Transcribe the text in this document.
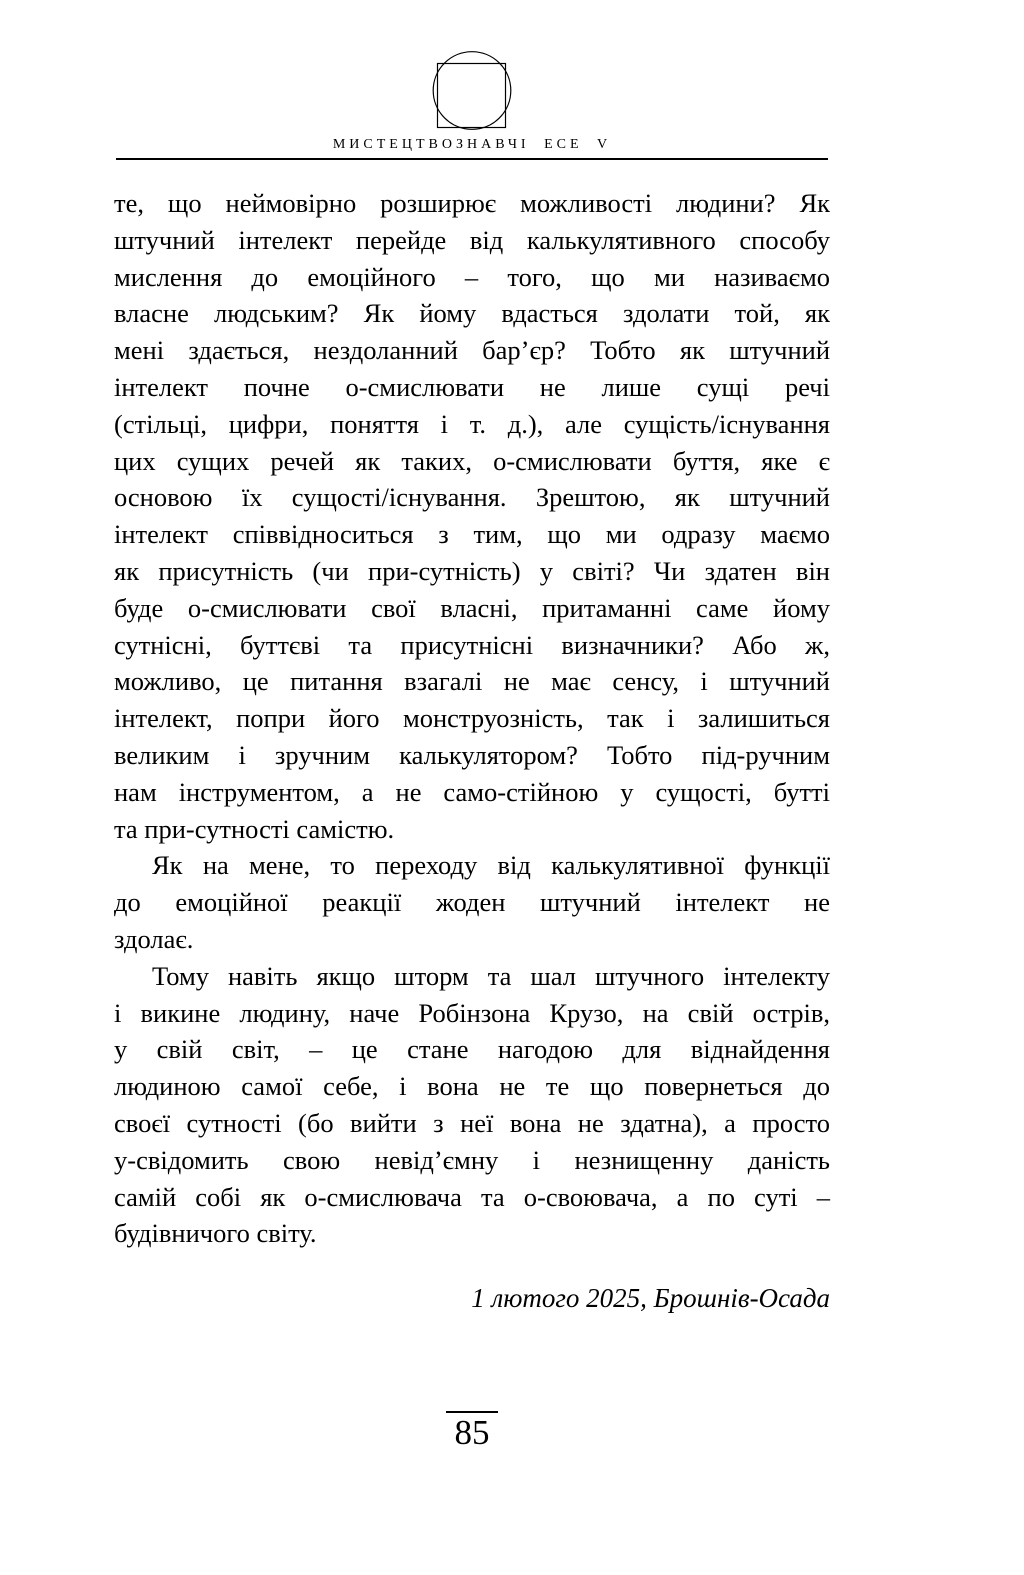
МИСТЕЦТВОЗНАВЧІ ЕСЕ V
те, що неймовірно розширює можливості людини? Як
штучний інтелект перейде від калькулятивного способу
мислення до емоційного – того, що ми називаємо
власне людським? Як йому вдасться здолати той, як
мені здається, нездоланний бар’єр? Тобто як штучний
інтелект почне о-смислювати не лише сущі речі
(стільці, цифри, поняття і т. д.), але сущість/існування
цих сущих речей як таких, о-смислювати буття, яке є
основою їх сущості/існування. Зрештою, як штучний
інтелект співвідноситься з тим, що ми одразу маємо
як присутність (чи при-сутність) у світі? Чи здатен він
буде о-смислювати свої власні, притаманні саме йому
сутнісні, буттєві та присутнісні визначники? Або ж,
можливо, це питання взагалі не має сенсу, і штучний
інтелект, попри його монструозність, так і залишиться
великим і зручним калькулятором? Тобто під-ручним
нам інструментом, а не само-стійною у сущості, бутті
та при-сутності самістю.
Як на мене, то переходу від калькулятивної функції
до емоційної реакції жоден штучний інтелект не
здолає.
Тому навіть якщо шторм та шал штучного інтелекту
і викине людину, наче Робінзона Крузо, на свій острів,
у свій світ, – це стане нагодою для віднайдення
людиною самої себе, і вона не те що повернеться до
своєї сутності (бо вийти з неї вона не здатна), а просто
у-свідомить свою невід’ємну і незнищенну даність
самій собі як о-смислювача та о-своювача, а по суті –
будівничого світу.
1 лютого 2025, Брошнів-Осада
85
